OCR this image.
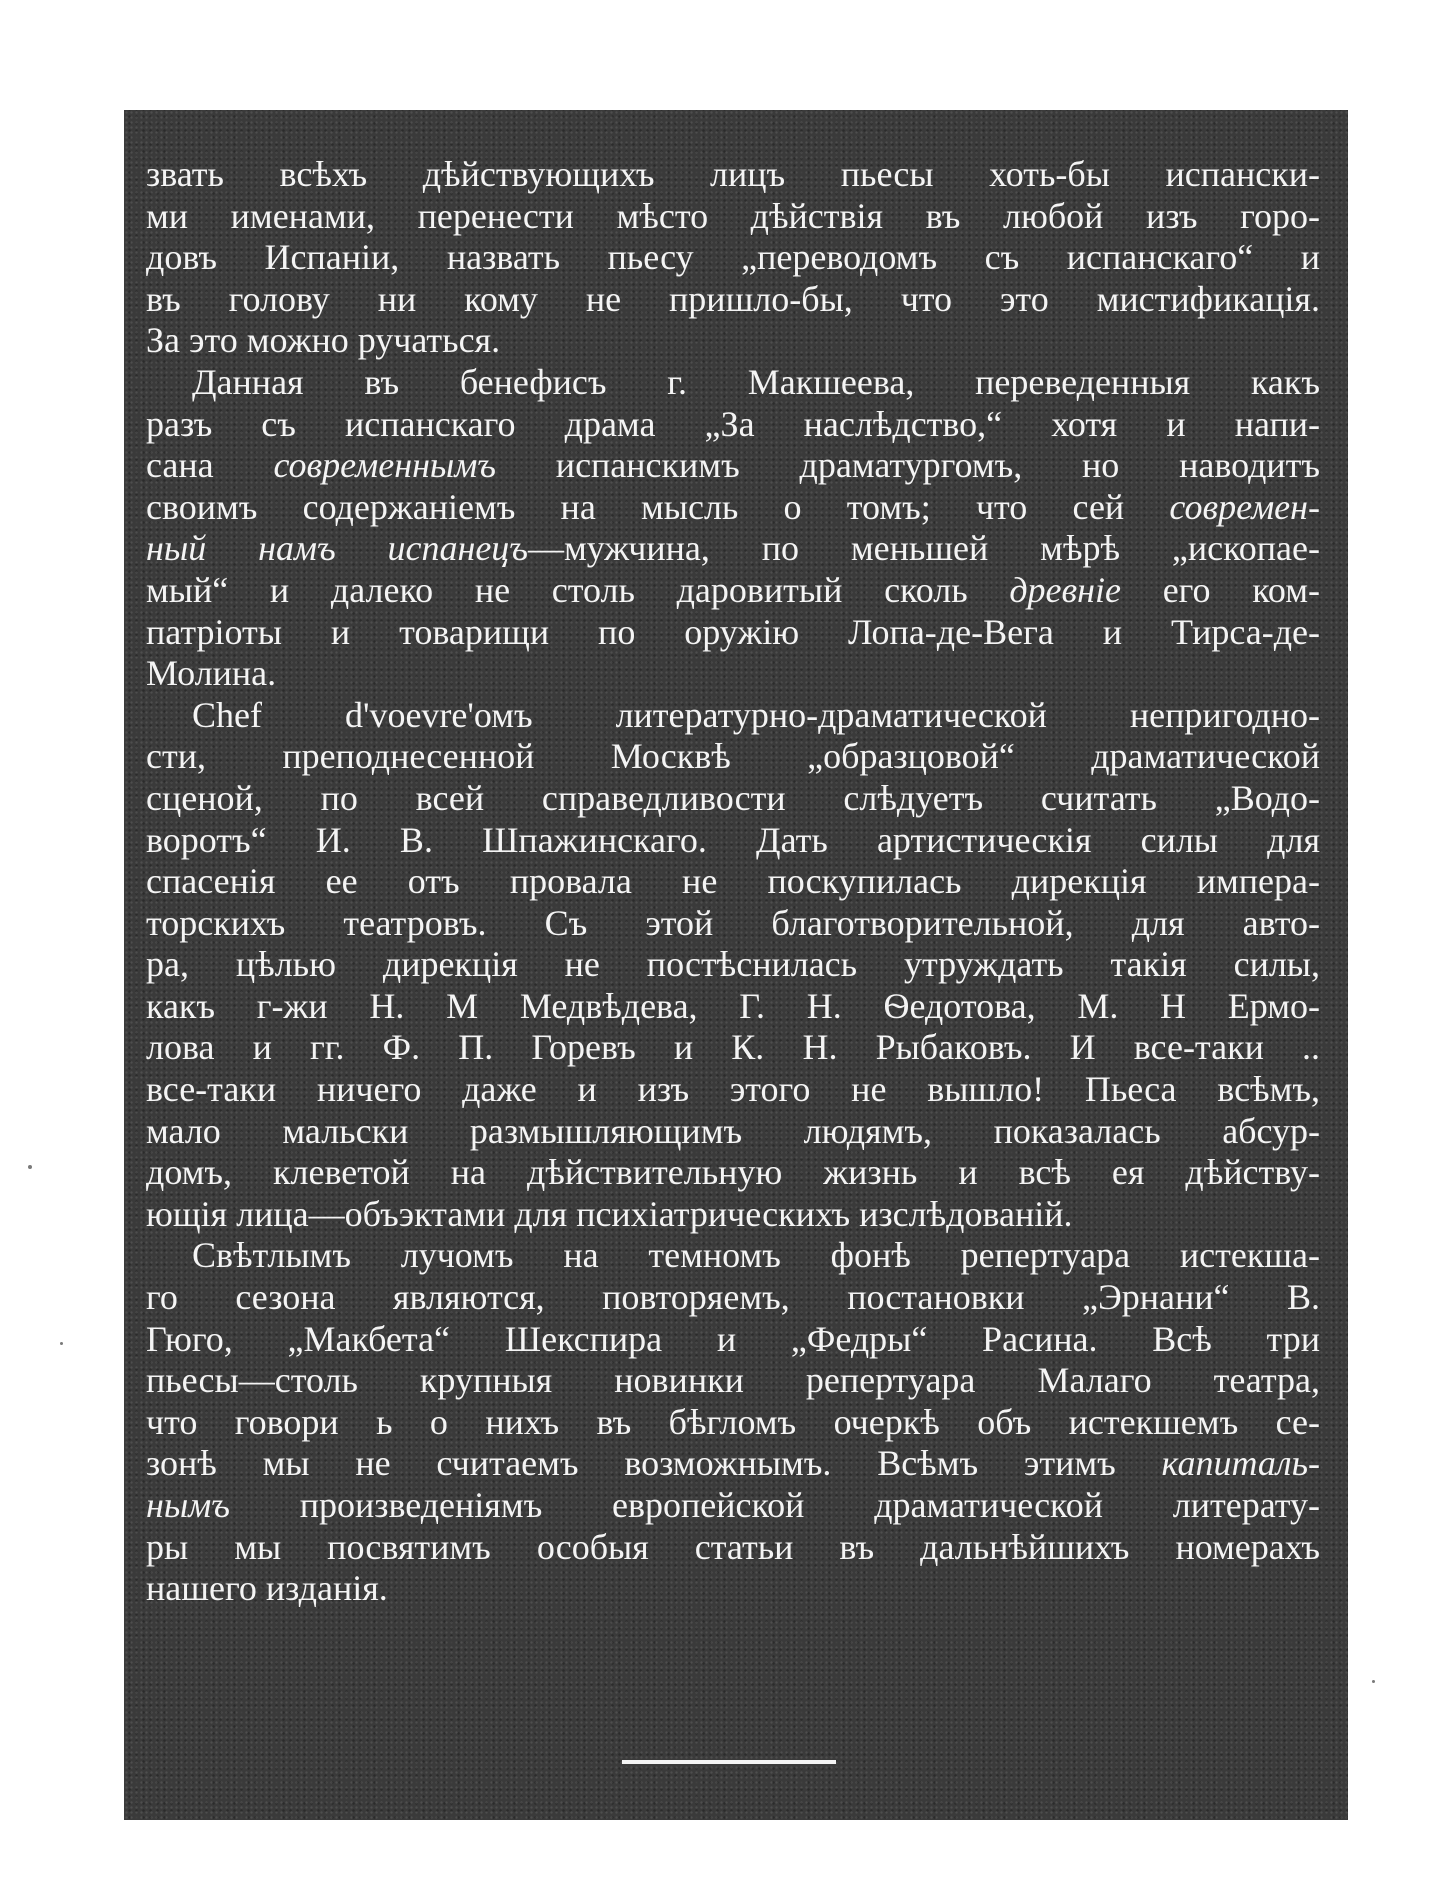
звать всѣхъ дѣйствующихъ лицъ пьесы хоть-бы испански-
ми именами, перенести мѣсто дѣйствія въ любой изъ горо-
довъ Испаніи, назвать пьесу „переводомъ съ испанскаго“ и
въ голову ни кому не пришло-бы, что это мистификація.
За это можно ручаться.
Данная въ бенефисъ г. Макшеева, переведенныя какъ
разъ съ испанскаго драма „За наслѣдство,“ хотя и напи-
сана современнымъ испанскимъ драматургомъ, но наводитъ
своимъ содержаніемъ на мысль о томъ; что сей современ-
ный намъ испанецъ—мужчина, по меньшей мѣрѣ „ископае-
мый“ и далеко не столь даровитый сколь древніе его ком-
патріоты и товарищи по оружію Лопа-де-Вега и Тирса-де-
Молина.
Chef d'voevre'омъ литературно-драматической непригодно-
сти, преподнесенной Москвѣ „образцовой“ драматической
сценой, по всей справедливости слѣдуетъ считать „Водо-
воротъ“ И. В. Шпажинскаго. Дать артистическія силы для
спасенія ее отъ провала не поскупилась дирекція импера-
торскихъ театровъ. Съ этой благотворительной, для авто-
ра, цѣлью дирекція не постѣснилась утруждать такія силы,
какъ г-жи Н. М Медвѣдева, Г. Н. Ѳедотова, М. Н Ермо-
лова и гг. Ф. П. Горевъ и К. Н. Рыбаковъ. И все-таки ..
все-таки ничего даже и изъ этого не вышло! Пьеса всѣмъ,
мало мальски размышляющимъ людямъ, показалась абсур-
домъ, клеветой на дѣйствительную жизнь и всѣ ея дѣйству-
ющія лица—объэктами для психіатрическихъ изслѣдованій.
Свѣтлымъ лучомъ на темномъ фонѣ репертуара истекша-
го сезона являются, повторяемъ, постановки „Эрнани“ В.
Гюго, „Макбета“ Шекспира и „Федры“ Расина. Всѣ три
пьесы—столь крупныя новинки репертуара Малаго театра,
что говори ь о нихъ въ бѣгломъ очеркѣ объ истекшемъ се-
зонѣ мы не считаемъ возможнымъ. Всѣмъ этимъ капиталь-
нымъ произведеніямъ европейской драматической литерату-
ры мы посвятимъ особыя статьи въ дальнѣйшихъ номерахъ
нашего изданія.
